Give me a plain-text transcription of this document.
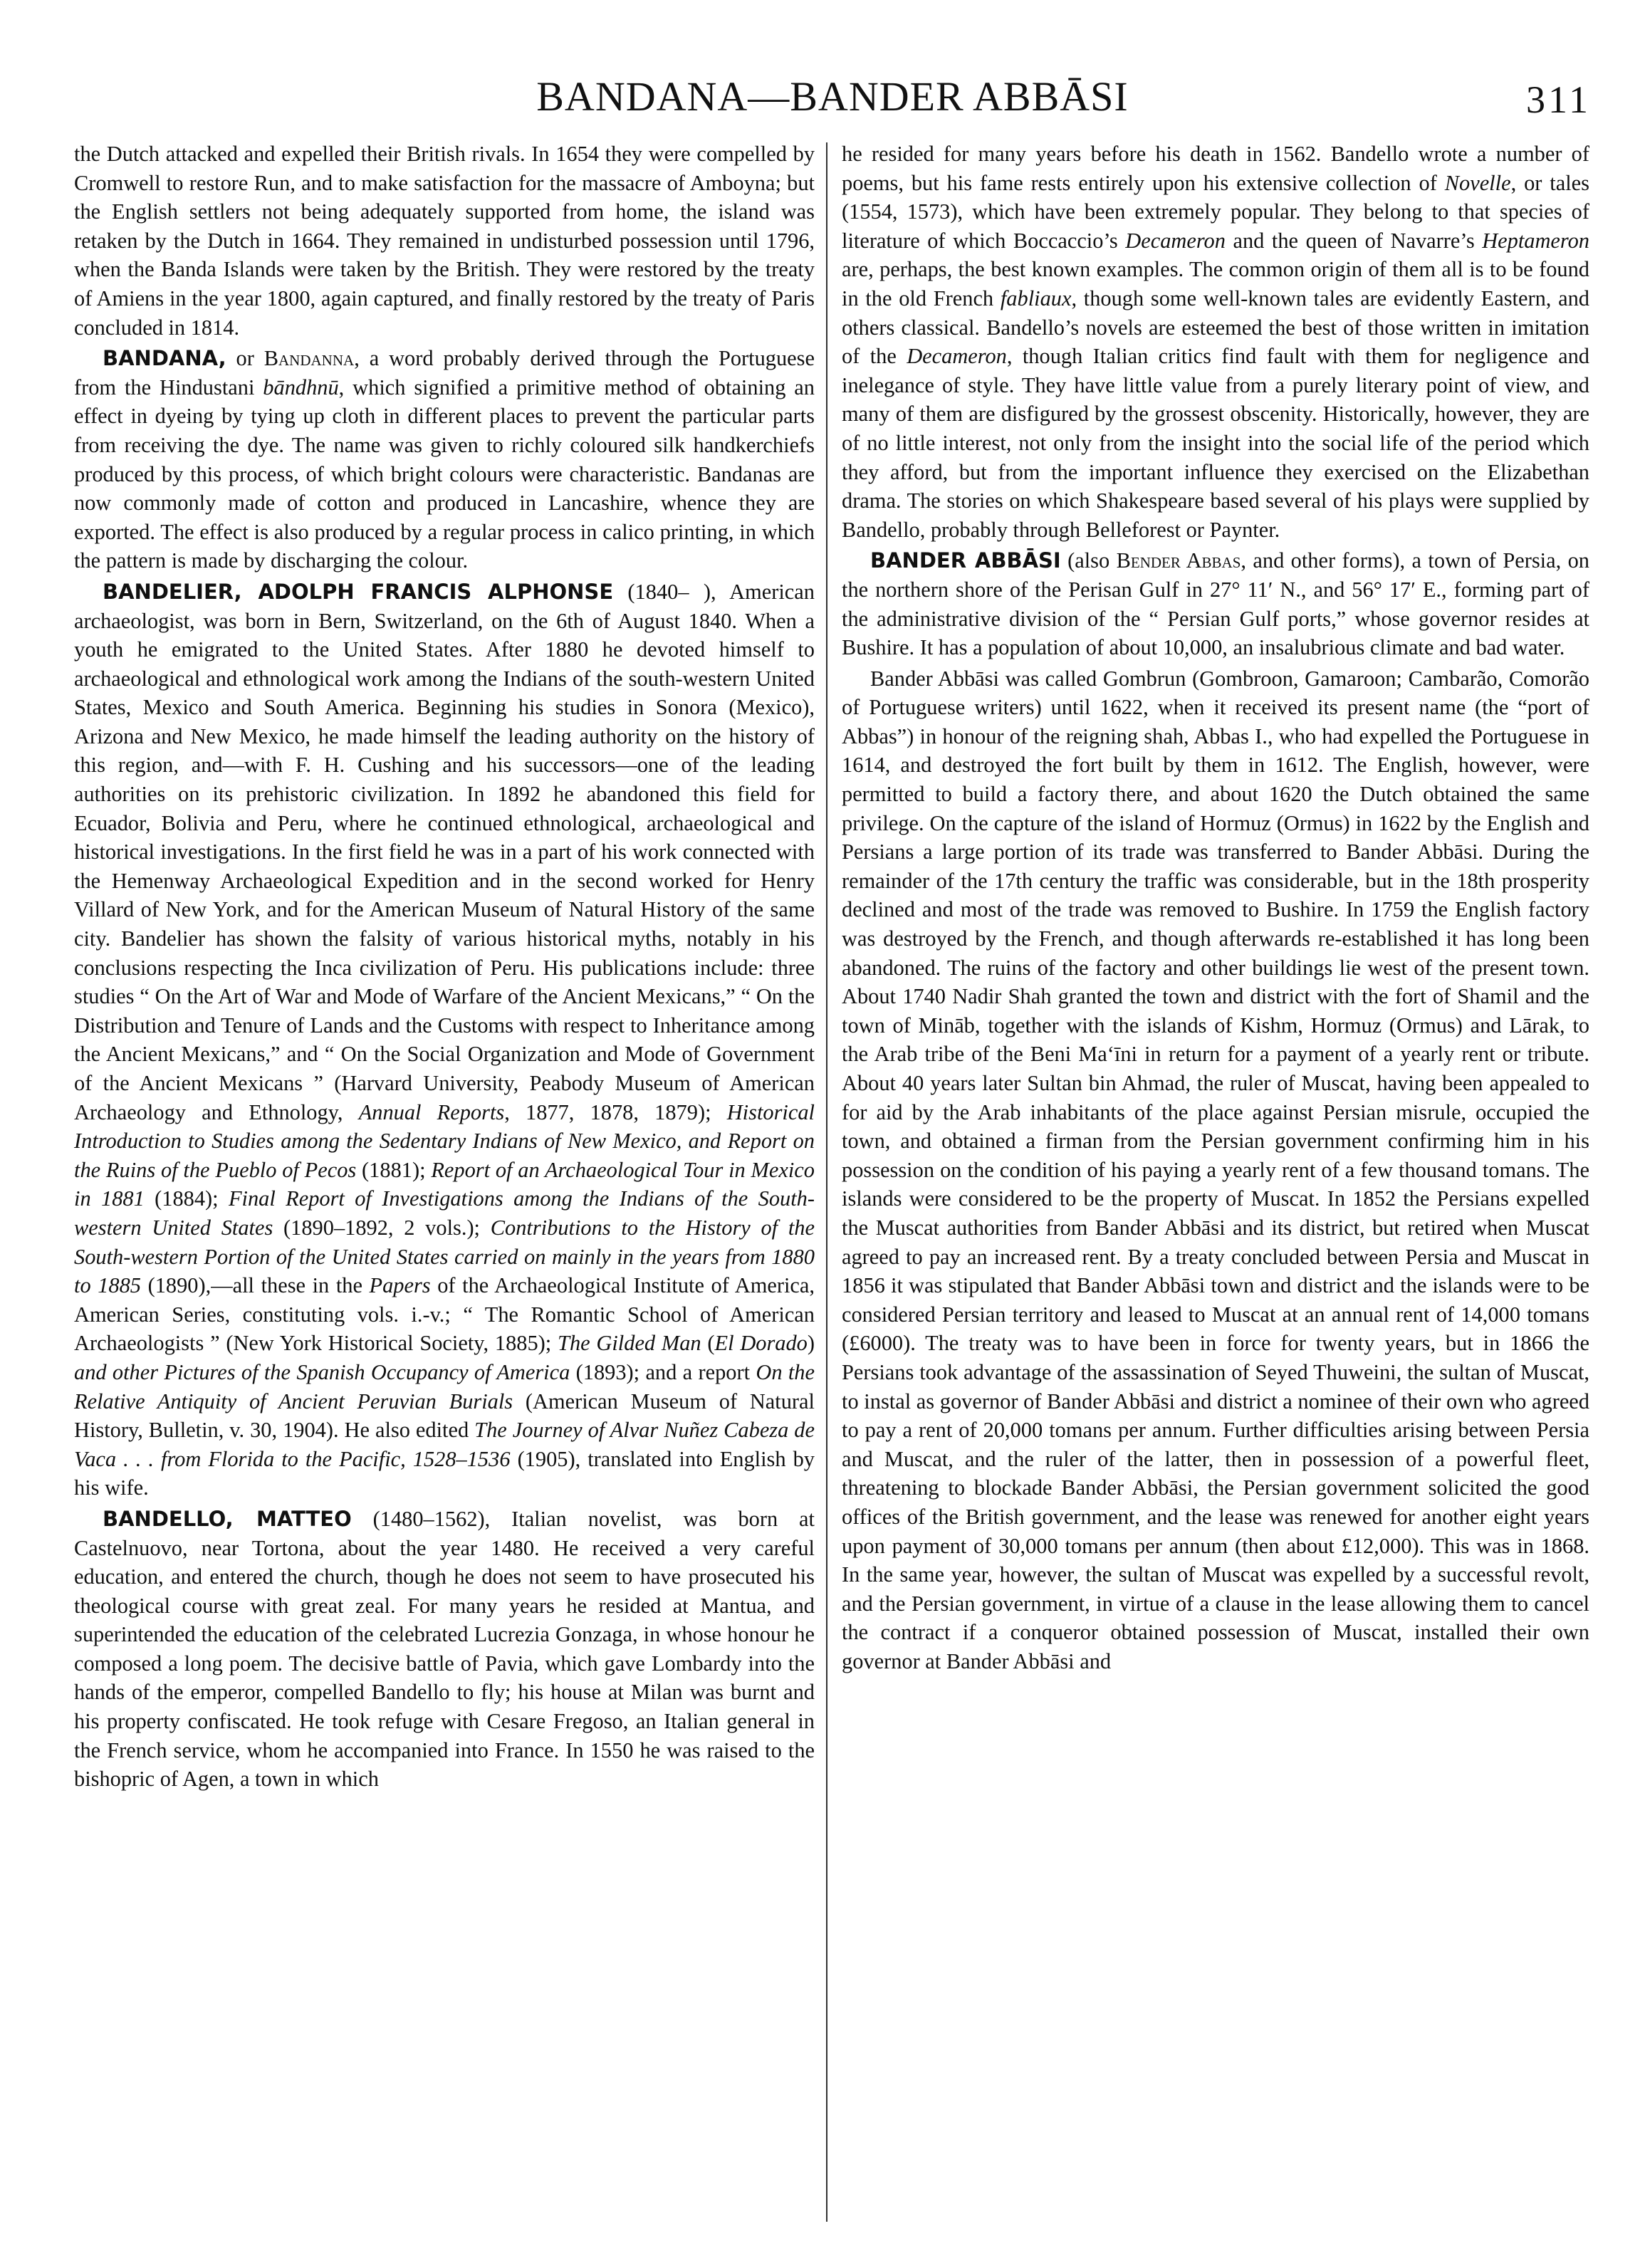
BANDANA—BANDER ABBĀSI	311

the Dutch attacked and expelled their British rivals. In 1654 they were compelled by Cromwell to restore Run, and to make satisfaction for the massacre of Amboyna; but the English settlers not being adequately supported from home, the island was retaken by the Dutch in 1664. They remained in undisturbed possession until 1796, when the Banda Islands were taken by the British. They were restored by the treaty of Amiens in the year 1800, again captured, and finally restored by the treaty of Paris concluded in 1814.

BANDANA, or Bandanna, a word probably derived through the Portuguese from the Hindustani bāndhnū, which signified a primitive method of obtaining an effect in dyeing by tying up cloth in different places to prevent the particular parts from receiving the dye. The name was given to richly coloured silk handkerchiefs produced by this process, of which bright colours were characteristic. Bandanas are now commonly made of cotton and produced in Lancashire, whence they are exported. The effect is also produced by a regular process in calico printing, in which the pattern is made by discharging the colour.

BANDELIER, ADOLPH FRANCIS ALPHONSE (1840– ), American archaeologist, was born in Bern, Switzerland, on the 6th of August 1840. When a youth he emigrated to the United States. After 1880 he devoted himself to archaeological and ethnological work among the Indians of the south-western United States, Mexico and South America. Beginning his studies in Sonora (Mexico), Arizona and New Mexico, he made himself the leading authority on the history of this region, and—with F. H. Cushing and his successors—one of the leading authorities on its prehistoric civilization. In 1892 he abandoned this field for Ecuador, Bolivia and Peru, where he continued ethnological, archaeological and historical investigations. In the first field he was in a part of his work connected with the Hemenway Archaeological Expedition and in the second worked for Henry Villard of New York, and for the American Museum of Natural History of the same city. Bandelier has shown the falsity of various historical myths, notably in his conclusions respecting the Inca civilization of Peru. His publications include: three studies “ On the Art of War and Mode of Warfare of the Ancient Mexicans,” “ On the Distribution and Tenure of Lands and the Customs with respect to Inheritance among the Ancient Mexicans,” and “ On the Social Organization and Mode of Government of the Ancient Mexicans ” (Harvard University, Peabody Museum of American Archaeology and Ethnology, Annual Reports, 1877, 1878, 1879); Historical Introduction to Studies among the Sedentary Indians of New Mexico, and Report on the Ruins of the Pueblo of Pecos (1881); Report of an Archaeological Tour in Mexico in 1881 (1884); Final Report of Investigations among the Indians of the South-western United States (1890–1892, 2 vols.); Contributions to the History of the South-western Portion of the United States carried on mainly in the years from 1880 to 1885 (1890),—all these in the Papers of the Archaeological Institute of America, American Series, constituting vols. i.-v.; “ The Romantic School of American Archaeologists ” (New York Historical Society, 1885); The Gilded Man (El Dorado) and other Pictures of the Spanish Occupancy of America (1893); and a report On the Relative Antiquity of Ancient Peruvian Burials (American Museum of Natural History, Bulletin, v. 30, 1904). He also edited The Journey of Alvar Nuñez Cabeza de Vaca . . . from Florida to the Pacific, 1528–1536 (1905), translated into English by his wife.

BANDELLO, MATTEO (1480–1562), Italian novelist, was born at Castelnuovo, near Tortona, about the year 1480. He received a very careful education, and entered the church, though he does not seem to have prosecuted his theological course with great zeal. For many years he resided at Mantua, and superintended the education of the celebrated Lucrezia Gonzaga, in whose honour he composed a long poem. The decisive battle of Pavia, which gave Lombardy into the hands of the emperor, compelled Bandello to fly; his house at Milan was burnt and his property confiscated. He took refuge with Cesare Fregoso, an Italian general in the French service, whom he accompanied into France. In 1550 he was raised to the bishopric of Agen, a town in which

he resided for many years before his death in 1562. Bandello wrote a number of poems, but his fame rests entirely upon his extensive collection of Novelle, or tales (1554, 1573), which have been extremely popular. They belong to that species of literature of which Boccaccio’s Decameron and the queen of Navarre’s Heptameron are, perhaps, the best known examples. The common origin of them all is to be found in the old French fabliaux, though some well-known tales are evidently Eastern, and others classical. Bandello’s novels are esteemed the best of those written in imitation of the Decameron, though Italian critics find fault with them for negligence and inelegance of style. They have little value from a purely literary point of view, and many of them are disfigured by the grossest obscenity. Historically, however, they are of no little interest, not only from the insight into the social life of the period which they afford, but from the important influence they exercised on the Elizabethan drama. The stories on which Shakespeare based several of his plays were supplied by Bandello, probably through Belleforest or Paynter.

BANDER ABBĀSI (also Bender Abbas, and other forms), a town of Persia, on the northern shore of the Perisan Gulf in 27° 11′ N., and 56° 17′ E., forming part of the administrative division of the “ Persian Gulf ports,” whose governor resides at Bushire. It has a population of about 10,000, an insalubrious climate and bad water.

Bander Abbāsi was called Gombrun (Gombroon, Gamaroon; Cambarão, Comorão of Portuguese writers) until 1622, when it received its present name (the “port of Abbas”) in honour of the reigning shah, Abbas I., who had expelled the Portuguese in 1614, and destroyed the fort built by them in 1612. The English, however, were permitted to build a factory there, and about 1620 the Dutch obtained the same privilege. On the capture of the island of Hormuz (Ormus) in 1622 by the English and Persians a large portion of its trade was transferred to Bander Abbāsi. During the remainder of the 17th century the traffic was considerable, but in the 18th prosperity declined and most of the trade was removed to Bushire. In 1759 the English factory was destroyed by the French, and though afterwards re-established it has long been abandoned. The ruins of the factory and other buildings lie west of the present town. About 1740 Nadir Shah granted the town and district with the fort of Shamil and the town of Mināb, together with the islands of Kishm, Hormuz (Ormus) and Lārak, to the Arab tribe of the Beni Ma‘īni in return for a payment of a yearly rent or tribute. About 40 years later Sultan bin Ahmad, the ruler of Muscat, having been appealed to for aid by the Arab inhabitants of the place against Persian misrule, occupied the town, and obtained a firman from the Persian government confirming him in his possession on the condition of his paying a yearly rent of a few thousand tomans. The islands were considered to be the property of Muscat. In 1852 the Persians expelled the Muscat authorities from Bander Abbāsi and its district, but retired when Muscat agreed to pay an increased rent. By a treaty concluded between Persia and Muscat in 1856 it was stipulated that Bander Abbāsi town and district and the islands were to be considered Persian territory and leased to Muscat at an annual rent of 14,000 tomans (£6000). The treaty was to have been in force for twenty years, but in 1866 the Persians took advantage of the assassination of Seyed Thuweini, the sultan of Muscat, to instal as governor of Bander Abbāsi and district a nominee of their own who agreed to pay a rent of 20,000 tomans per annum. Further difficulties arising between Persia and Muscat, and the ruler of the latter, then in possession of a powerful fleet, threatening to blockade Bander Abbāsi, the Persian government solicited the good offices of the British government, and the lease was renewed for another eight years upon payment of 30,000 tomans per annum (then about £12,000). This was in 1868. In the same year, however, the sultan of Muscat was expelled by a successful revolt, and the Persian government, in virtue of a clause in the lease allowing them to cancel the contract if a conqueror obtained possession of Muscat, installed their own governor at Bander Abbāsi and
